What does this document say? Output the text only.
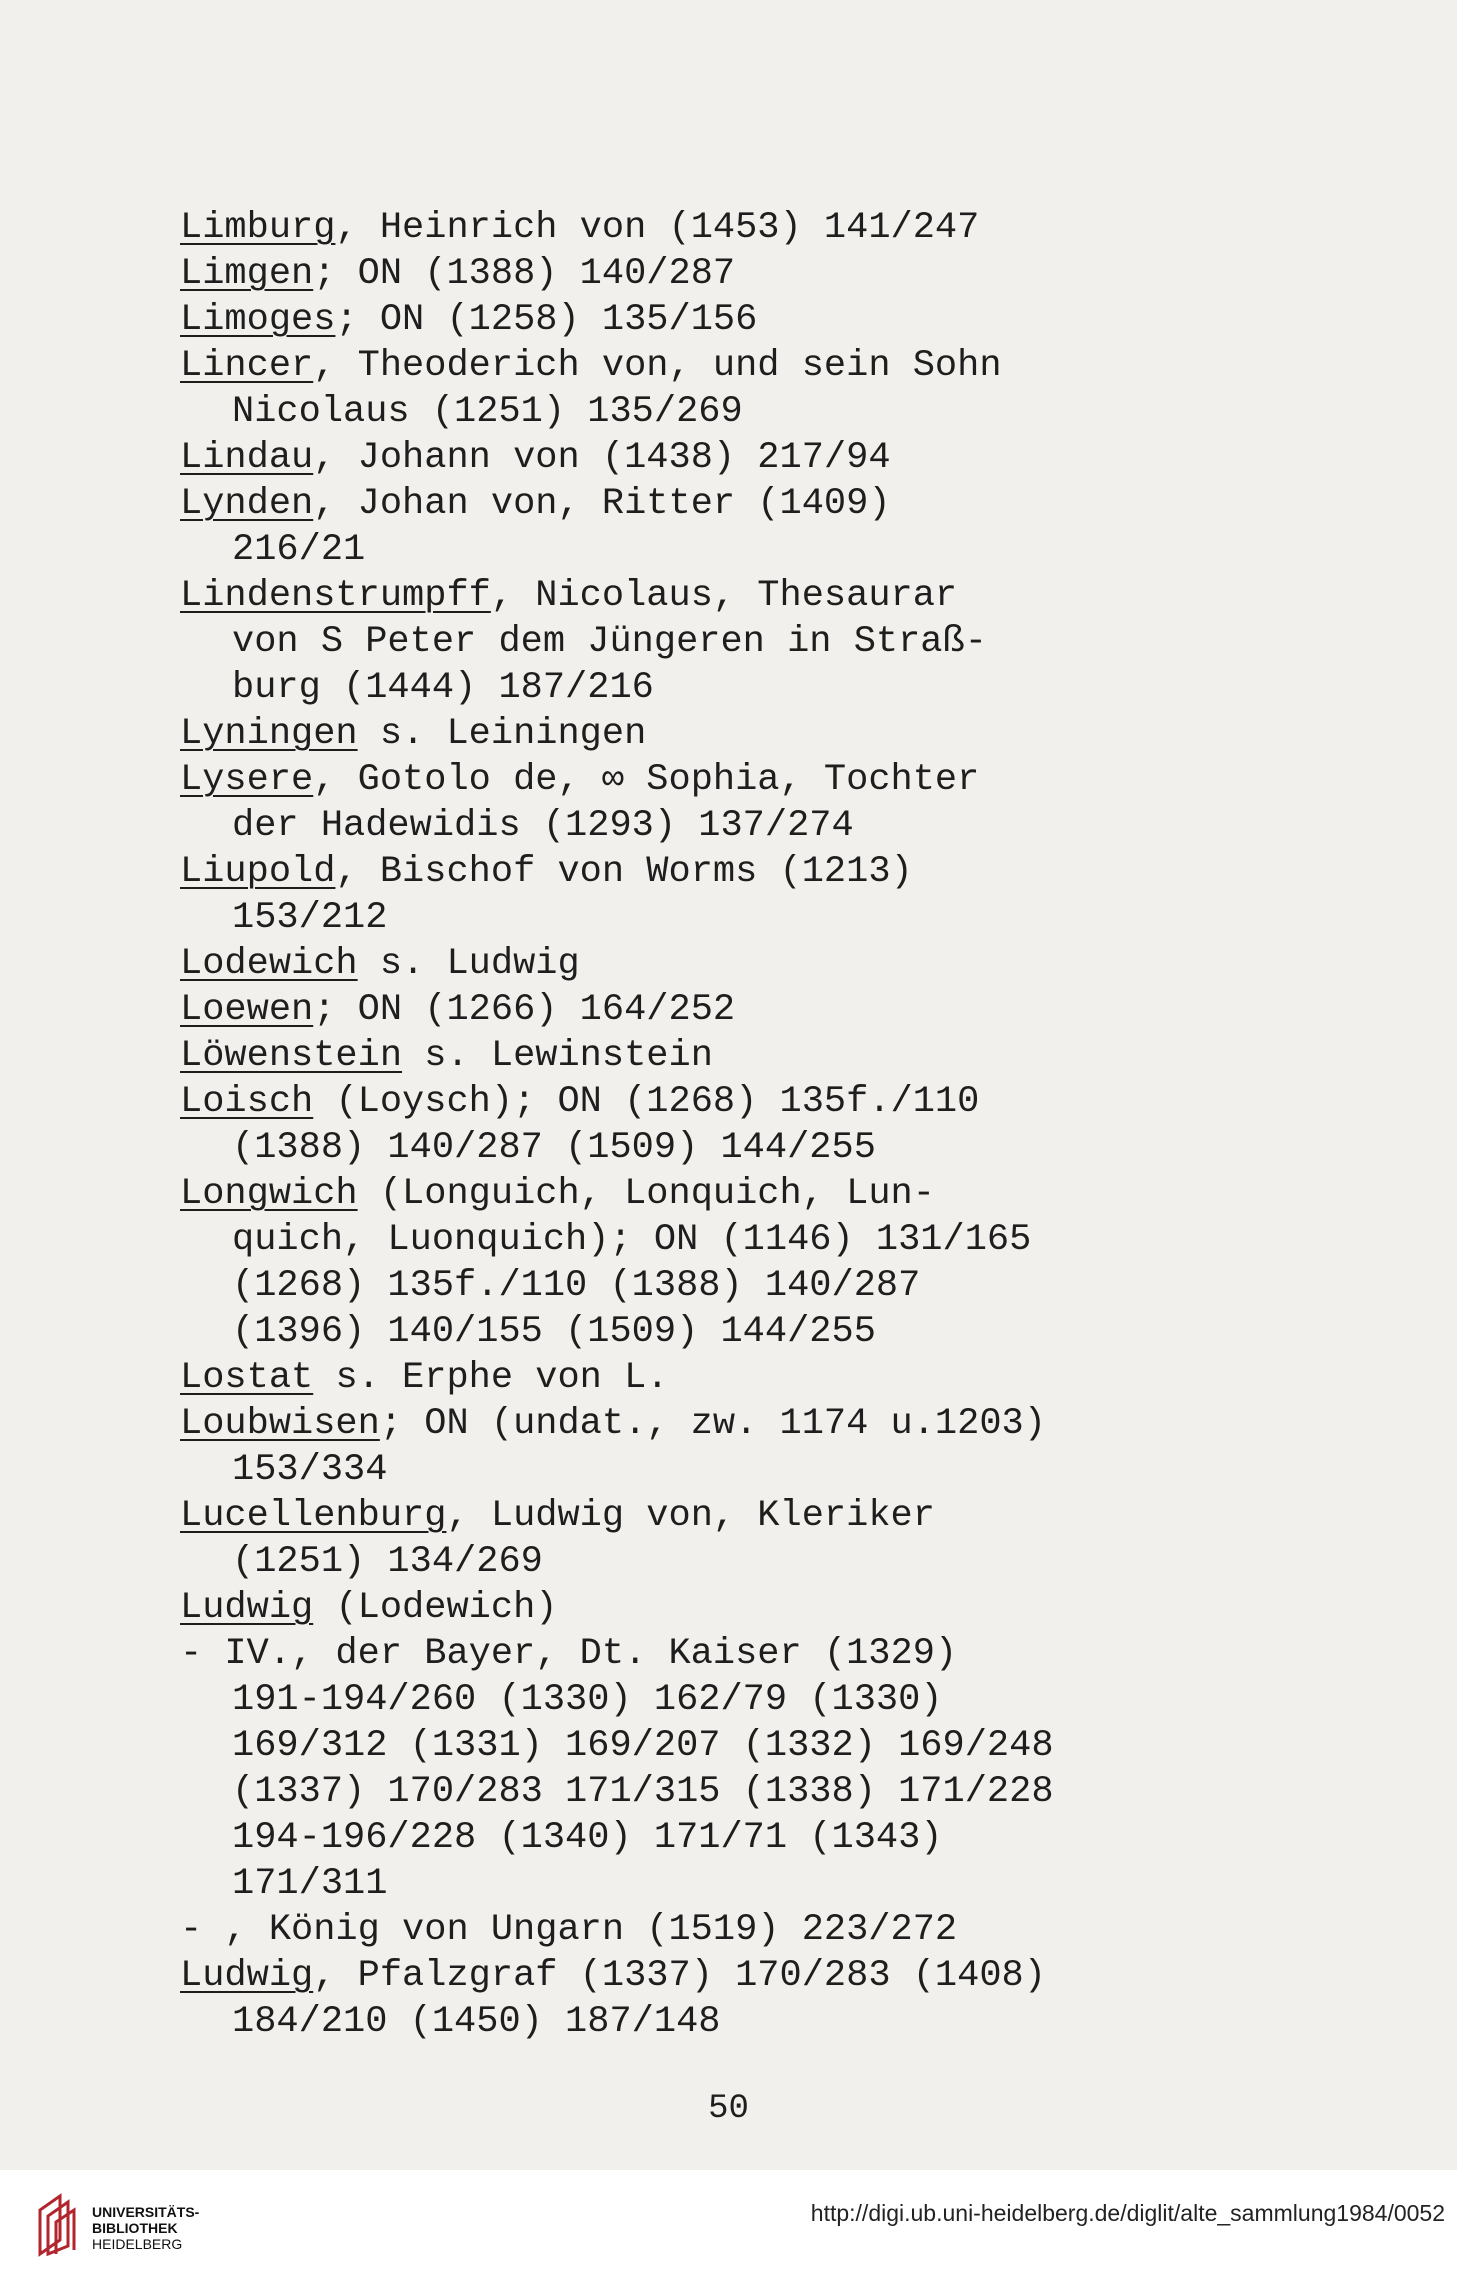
Limburg, Heinrich von (1453) 141/247
Limgen; ON (1388) 140/287
Limoges; ON (1258) 135/156
Lincer, Theoderich von, und sein Sohn
Nicolaus (1251) 135/269
Lindau, Johann von (1438) 217/94
Lynden, Johan von, Ritter (1409)
216/21
Lindenstrumpff, Nicolaus, Thesaurar
von S Peter dem Jüngeren in Straß-
burg (1444) 187/216
Lyningen s. Leiningen
Lysere, Gotolo de, ∞ Sophia, Tochter
der Hadewidis (1293) 137/274
Liupold, Bischof von Worms (1213)
153/212
Lodewich s. Ludwig
Loewen; ON (1266) 164/252
Löwenstein s. Lewinstein
Loisch (Loysch); ON (1268) 135f./110
(1388) 140/287 (1509) 144/255
Longwich (Longuich, Lonquich, Lun-
quich, Luonquich); ON (1146) 131/165
(1268) 135f./110 (1388) 140/287
(1396) 140/155 (1509) 144/255
Lostat s. Erphe von L.
Loubwisen; ON (undat., zw. 1174 u.1203)
153/334
Lucellenburg, Ludwig von, Kleriker
(1251) 134/269
Ludwig (Lodewich)
- IV., der Bayer, Dt. Kaiser (1329)
191-194/260 (1330) 162/79 (1330)
169/312 (1331) 169/207 (1332) 169/248
(1337) 170/283 171/315 (1338) 171/228
194-196/228 (1340) 171/71 (1343)
171/311
- , König von Ungarn (1519) 223/272
Ludwig, Pfalzgraf (1337) 170/283 (1408)
184/210 (1450) 187/148
50
UNIVERSITÄTS-
BIBLIOTHEK
HEIDELBERG
http://digi.ub.uni-heidelberg.de/diglit/alte_sammlung1984/0052
